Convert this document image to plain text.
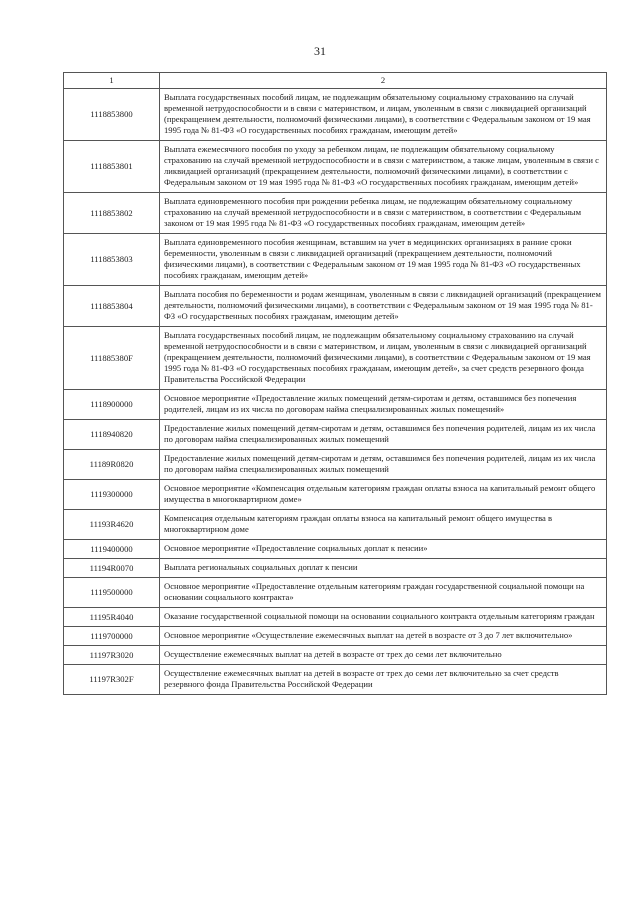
31
1	2
1118853800	Выплата государственных пособий лицам, не подлежащим обязательному социальному страхованию на случай временной нетрудоспособности и в связи с материнством, и лицам, уволенным в связи с ликвидацией организаций (прекращением деятельности, полномочий физическими лицами), в соответствии с Федеральным законом от 19 мая 1995 года № 81-ФЗ «О государственных пособиях гражданам, имеющим детей»
1118853801	Выплата ежемесячного пособия по уходу за ребенком лицам, не подлежащим обязательному социальному страхованию на случай временной нетрудоспособности и в связи с материнством, а также лицам, уволенным в связи с ликвидацией организаций (прекращением деятельности, полномочий физическими лицами), в соответствии с Федеральным законом от 19 мая 1995 года № 81-ФЗ «О государственных пособиях гражданам, имеющим детей»
1118853802	Выплата единовременного пособия при рождении ребенка лицам, не подлежащим обязательному социальному страхованию на случай временной нетрудоспособности и в связи с материнством, в соответствии с Федеральным законом от 19 мая 1995 года № 81-ФЗ «О государственных пособиях гражданам, имеющим детей»
1118853803	Выплата единовременного пособия женщинам, вставшим на учет в медицинских организациях в ранние сроки беременности, уволенным в связи с ликвидацией организаций (прекращением деятельности, полномочий физическими лицами), в соответствии с Федеральным законом от 19 мая 1995 года № 81-ФЗ «О государственных пособиях гражданам, имеющим детей»
1118853804	Выплата пособия по беременности и родам женщинам, уволенным в связи с ликвидацией организаций (прекращением деятельности, полномочий физическими лицами), в соответствии с Федеральным законом от 19 мая 1995 года № 81-ФЗ «О государственных пособиях гражданам, имеющим детей»
111885380F	Выплата государственных пособий лицам, не подлежащим обязательному социальному страхованию на случай временной нетрудоспособности и в связи с материнством, и лицам, уволенным в связи с ликвидацией организаций (прекращением деятельности, полномочий физическими лицами), в соответствии с Федеральным законом от 19 мая 1995 года № 81-ФЗ «О государственных пособиях гражданам, имеющим детей», за счет средств резервного фонда Правительства Российской Федерации
1118900000	Основное мероприятие «Предоставление жилых помещений детям-сиротам и детям, оставшимся без попечения родителей, лицам из их числа по договорам найма специализированных жилых помещений»
1118940820	Предоставление жилых помещений детям-сиротам и детям, оставшимся без попечения родителей, лицам из их числа по договорам найма специализированных жилых помещений
11189R0820	Предоставление жилых помещений детям-сиротам и детям, оставшимся без попечения родителей, лицам из их числа по договорам найма специализированных жилых помещений
1119300000	Основное мероприятие «Компенсация отдельным категориям граждан оплаты взноса на капитальный ремонт общего имущества в многоквартирном доме»
11193R4620	Компенсация отдельным категориям граждан оплаты взноса на капитальный ремонт общего имущества в многоквартирном доме
1119400000	Основное мероприятие «Предоставление социальных доплат к пенсии»
11194R0070	Выплата региональных социальных доплат к пенсии
1119500000	Основное мероприятие «Предоставление отдельным категориям граждан государственной социальной помощи на основании социального контракта»
11195R4040	Оказание государственной социальной помощи на основании социального контракта отдельным категориям граждан
1119700000	Основное мероприятие «Осуществление ежемесячных выплат на детей в возрасте от 3 до 7 лет включительно»
11197R3020	Осуществление ежемесячных выплат на детей в возрасте от трех до семи лет включительно
11197R302F	Осуществление ежемесячных выплат на детей в возрасте от трех до семи лет включительно за счет средств резервного фонда Правительства Российской Федерации
